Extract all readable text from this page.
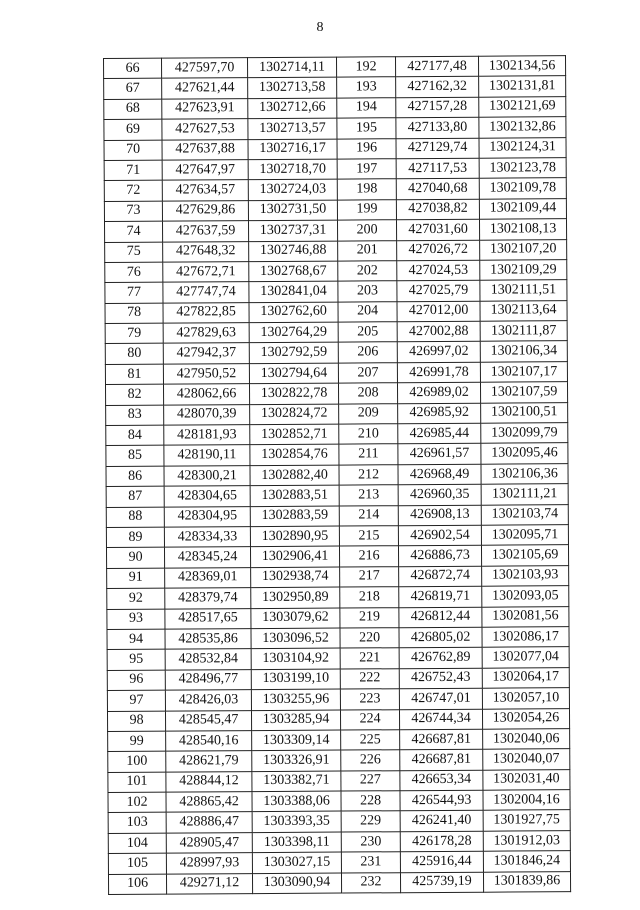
8
66	427597,70	1302714,11	192	427177,48	1302134,56
67	427621,44	1302713,58	193	427162,32	1302131,81
68	427623,91	1302712,66	194	427157,28	1302121,69
69	427627,53	1302713,57	195	427133,80	1302132,86
70	427637,88	1302716,17	196	427129,74	1302124,31
71	427647,97	1302718,70	197	427117,53	1302123,78
72	427634,57	1302724,03	198	427040,68	1302109,78
73	427629,86	1302731,50	199	427038,82	1302109,44
74	427637,59	1302737,31	200	427031,60	1302108,13
75	427648,32	1302746,88	201	427026,72	1302107,20
76	427672,71	1302768,67	202	427024,53	1302109,29
77	427747,74	1302841,04	203	427025,79	1302111,51
78	427822,85	1302762,60	204	427012,00	1302113,64
79	427829,63	1302764,29	205	427002,88	1302111,87
80	427942,37	1302792,59	206	426997,02	1302106,34
81	427950,52	1302794,64	207	426991,78	1302107,17
82	428062,66	1302822,78	208	426989,02	1302107,59
83	428070,39	1302824,72	209	426985,92	1302100,51
84	428181,93	1302852,71	210	426985,44	1302099,79
85	428190,11	1302854,76	211	426961,57	1302095,46
86	428300,21	1302882,40	212	426968,49	1302106,36
87	428304,65	1302883,51	213	426960,35	1302111,21
88	428304,95	1302883,59	214	426908,13	1302103,74
89	428334,33	1302890,95	215	426902,54	1302095,71
90	428345,24	1302906,41	216	426886,73	1302105,69
91	428369,01	1302938,74	217	426872,74	1302103,93
92	428379,74	1302950,89	218	426819,71	1302093,05
93	428517,65	1303079,62	219	426812,44	1302081,56
94	428535,86	1303096,52	220	426805,02	1302086,17
95	428532,84	1303104,92	221	426762,89	1302077,04
96	428496,77	1303199,10	222	426752,43	1302064,17
97	428426,03	1303255,96	223	426747,01	1302057,10
98	428545,47	1303285,94	224	426744,34	1302054,26
99	428540,16	1303309,14	225	426687,81	1302040,06
100	428621,79	1303326,91	226	426687,81	1302040,07
101	428844,12	1303382,71	227	426653,34	1302031,40
102	428865,42	1303388,06	228	426544,93	1302004,16
103	428886,47	1303393,35	229	426241,40	1301927,75
104	428905,47	1303398,11	230	426178,28	1301912,03
105	428997,93	1303027,15	231	425916,44	1301846,24
106	429271,12	1303090,94	232	425739,19	1301839,86
